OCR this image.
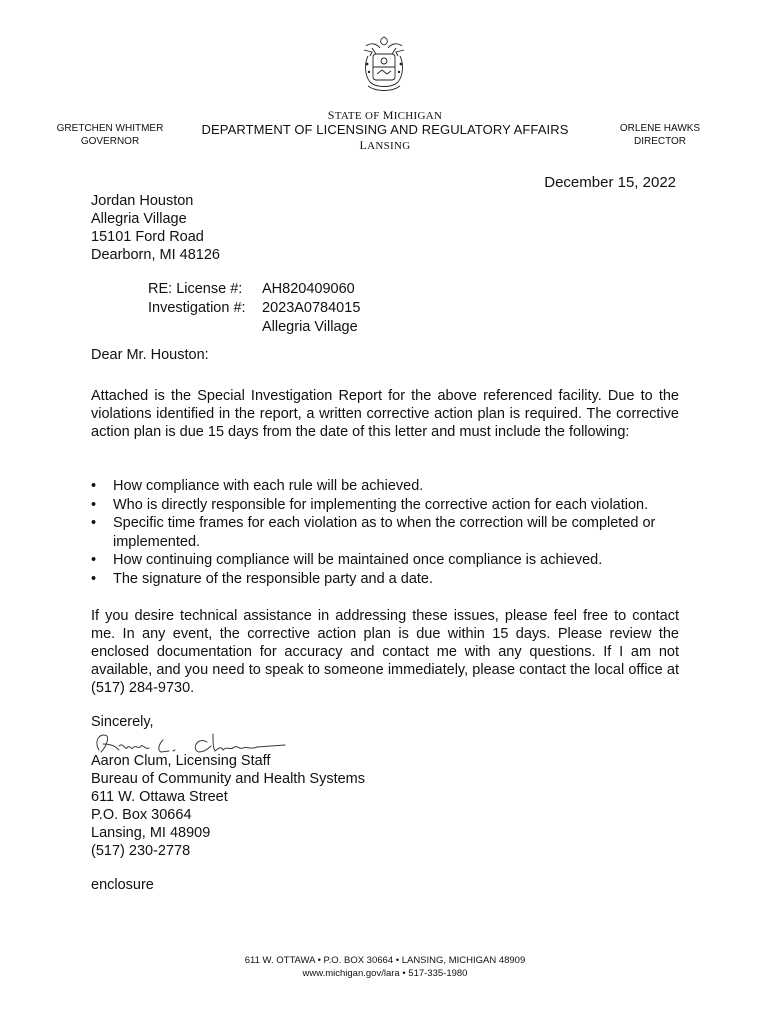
STATE OF MICHIGAN
DEPARTMENT OF LICENSING AND REGULATORY AFFAIRS
LANSING
GRETCHEN WHITMER
GOVERNOR
ORLENE HAWKS
DIRECTOR
December 15, 2022
Jordan Houston
Allegria Village
15101 Ford Road
Dearborn, MI 48126
RE: License #:	AH820409060
Investigation #:	2023A0784015
Allegria Village
Dear Mr. Houston:
Attached is the Special Investigation Report for the above referenced facility. Due to the violations identified in the report, a written corrective action plan is required. The corrective action plan is due 15 days from the date of this letter and must include the following:
• How compliance with each rule will be achieved.
• Who is directly responsible for implementing the corrective action for each violation.
• Specific time frames for each violation as to when the correction will be completed or implemented.
• How continuing compliance will be maintained once compliance is achieved.
• The signature of the responsible party and a date.
If you desire technical assistance in addressing these issues, please feel free to contact me. In any event, the corrective action plan is due within 15 days. Please review the enclosed documentation for accuracy and contact me with any questions. If I am not available, and you need to speak to someone immediately, please contact the local office at (517) 284-9730.
Sincerely,
Aaron Clum, Licensing Staff
Bureau of Community and Health Systems
611 W. Ottawa Street
P.O. Box 30664
Lansing, MI 48909
(517) 230-2778
enclosure
611 W. OTTAWA • P.O. BOX 30664 • LANSING, MICHIGAN 48909
www.michigan.gov/lara • 517-335-1980
